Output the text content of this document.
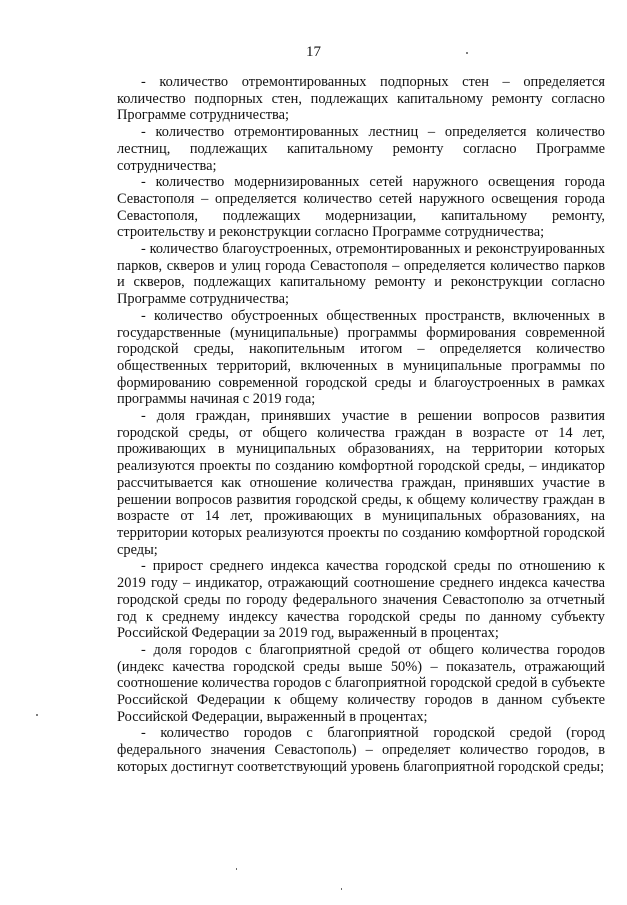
17

- количество отремонтированных подпорных стен – определяется количество подпорных стен, подлежащих капитальному ремонту согласно Программе сотрудничества;

- количество отремонтированных лестниц – определяется количество лестниц, подлежащих капитальному ремонту согласно Программе сотрудничества;

- количество модернизированных сетей наружного освещения города Севастополя – определяется количество сетей наружного освещения города Севастополя, подлежащих модернизации, капитальному ремонту, строительству и реконструкции согласно Программе сотрудничества;

- количество благоустроенных, отремонтированных и реконструированных парков, скверов и улиц города Севастополя – определяется количество парков и скверов, подлежащих капитальному ремонту и реконструкции согласно Программе сотрудничества;

- количество обустроенных общественных пространств, включенных в государственные (муниципальные) программы формирования современной городской среды, накопительным итогом – определяется количество общественных территорий, включенных в муниципальные программы по формированию современной городской среды и благоустроенных в рамках программы начиная с 2019 года;

- доля граждан, принявших участие в решении вопросов развития городской среды, от общего количества граждан в возрасте от 14 лет, проживающих в муниципальных образованиях, на территории которых реализуются проекты по созданию комфортной городской среды, – индикатор рассчитывается как отношение количества граждан, принявших участие в решении вопросов развития городской среды, к общему количеству граждан в возрасте от 14 лет, проживающих в муниципальных образованиях, на территории которых реализуются проекты по созданию комфортной городской среды;

- прирост среднего индекса качества городской среды по отношению к 2019 году – индикатор, отражающий соотношение среднего индекса качества городской среды по городу федерального значения Севастополю за отчетный год к среднему индексу качества городской среды по данному субъекту Российской Федерации за 2019 год, выраженный в процентах;

- доля городов с благоприятной средой от общего количества городов (индекс качества городской среды выше 50%) – показатель, отражающий соотношение количества городов с благоприятной городской средой в субъекте Российской Федерации к общему количеству городов в данном субъекте Российской Федерации, выраженный в процентах;

- количество городов с благоприятной городской средой (город федерального значения Севастополь) – определяет количество городов, в которых достигнут соответствующий уровень благоприятной городской среды;
